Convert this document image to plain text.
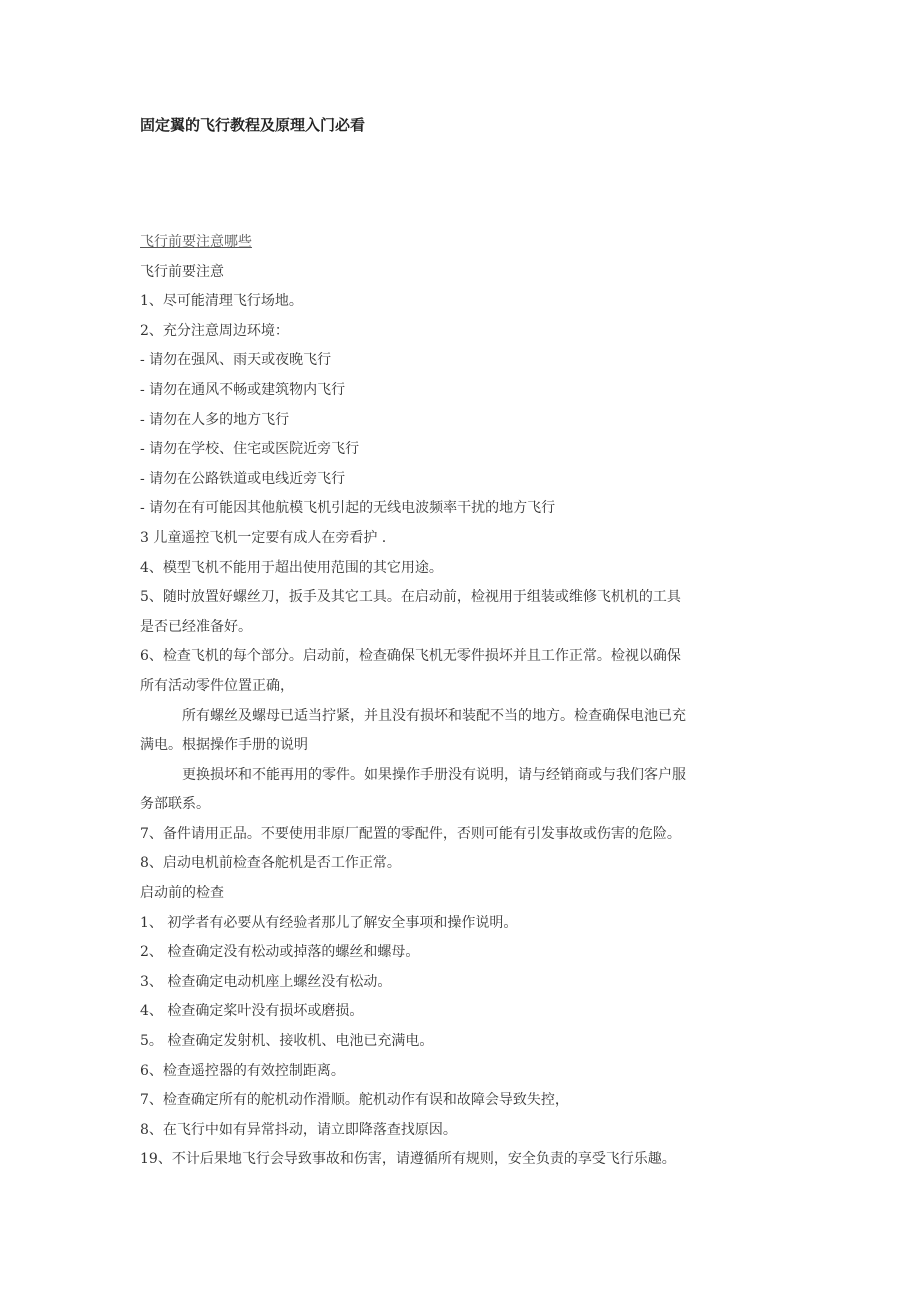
固定翼的飞行教程及原理入门必看

飞行前要注意哪些

飞行前要注意

1、尽可能清理飞行场地。

2、充分注意周边环境：

- 请勿在强风、雨天或夜晚飞行

- 请勿在通风不畅或建筑物内飞行

- 请勿在人多的地方飞行

- 请勿在学校、住宅或医院近旁飞行

- 请勿在公路铁道或电线近旁飞行

- 请勿在有可能因其他航模飞机引起的无线电波频率干扰的地方飞行

3 儿童遥控飞机一定要有成人在旁看护 .

4、模型飞机不能用于超出使用范围的其它用途。

5、随时放置好螺丝刀，扳手及其它工具。在启动前，检视用于组装或维修飞机机的工具

是否已经准备好。

6、检查飞机的每个部分。启动前，检查确保飞机无零件损坏并且工作正常。检视以确保

所有活动零件位置正确，

所有螺丝及螺母已适当拧紧，并且没有损坏和装配不当的地方。检查确保电池已充

满电。根据操作手册的说明

更换损坏和不能再用的零件。如果操作手册没有说明，请与经销商或与我们客户服

务部联系。

7、备件请用正品。不要使用非原厂配置的零配件，否则可能有引发事故或伤害的危险。

8、启动电机前检查各舵机是否工作正常。

启动前的检查

1、 初学者有必要从有经验者那儿了解安全事项和操作说明。

2、 检查确定没有松动或掉落的螺丝和螺母。

3、 检查确定电动机座上螺丝没有松动。

4、 检查确定桨叶没有损坏或磨损。

5。 检查确定发射机、接收机、电池已充满电。

6、检查遥控器的有效控制距离。

7、检查确定所有的舵机动作滑顺。舵机动作有误和故障会导致失控，

8、在飞行中如有异常抖动，请立即降落查找原因。

19、不计后果地飞行会导致事故和伤害，请遵循所有规则，安全负责的享受飞行乐趣。
